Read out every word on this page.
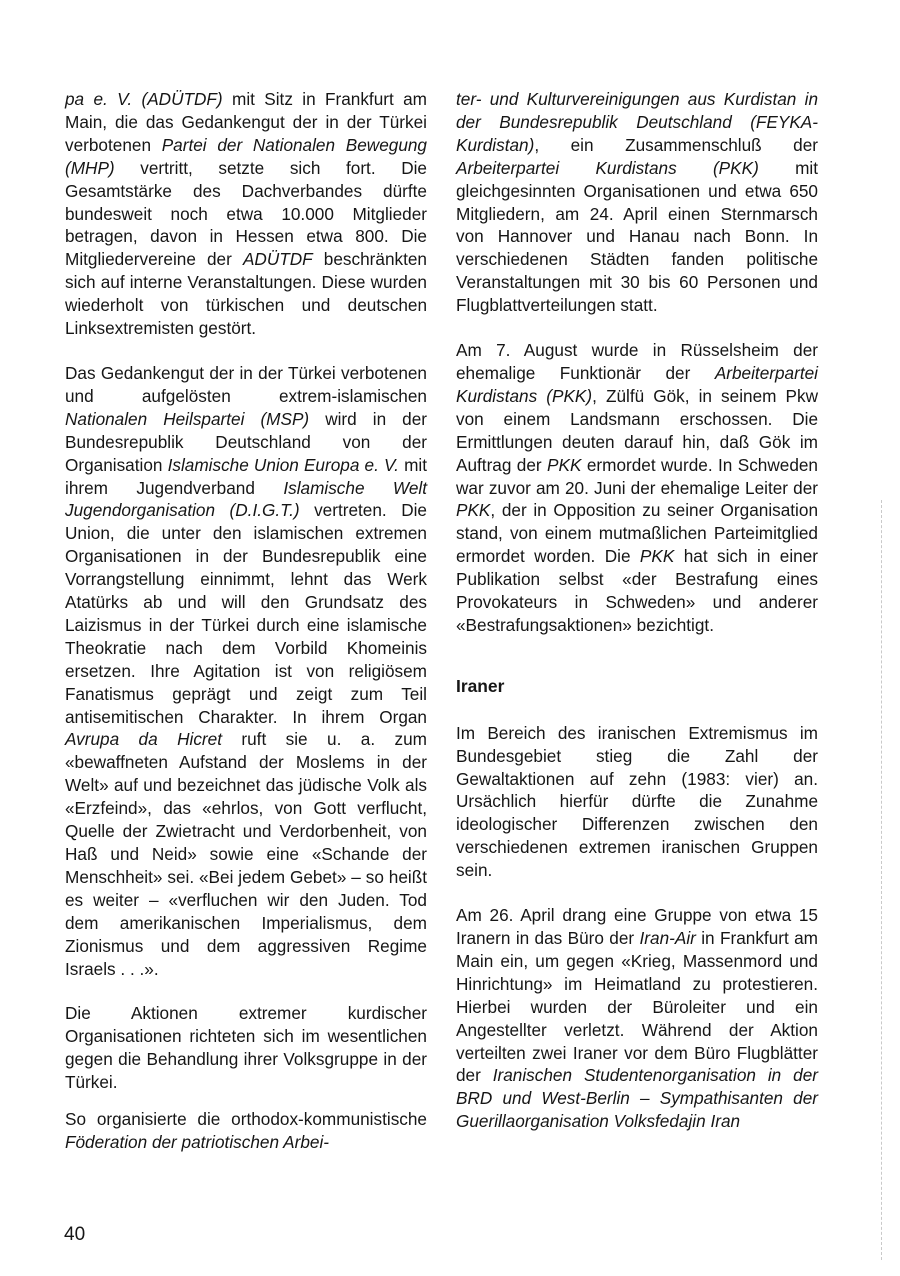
pa e. V. (ADÜTDF) mit Sitz in Frankfurt am Main, die das Gedankengut der in der Türkei verbotenen Partei der Nationalen Bewegung (MHP) vertritt, setzte sich fort. Die Gesamtstärke des Dachverbandes dürfte bundesweit noch etwa 10.000 Mitglieder betragen, davon in Hessen etwa 800. Die Mitgliedervereine der ADÜTDF beschränkten sich auf interne Veranstaltungen. Diese wurden wiederholt von türkischen und deutschen Linksextremisten gestört.

Das Gedankengut der in der Türkei verbotenen und aufgelösten extrem-islamischen Nationalen Heilspartei (MSP) wird in der Bundesrepublik Deutschland von der Organisation Islamische Union Europa e. V. mit ihrem Jugendverband Islamische Welt Jugendorganisation (D.I.G.T.) vertreten. Die Union, die unter den islamischen extremen Organisationen in der Bundesrepublik eine Vorrangstellung einnimmt, lehnt das Werk Atatürks ab und will den Grundsatz des Laizismus in der Türkei durch eine islamische Theokratie nach dem Vorbild Khomeinis ersetzen. Ihre Agitation ist von religiösem Fanatismus geprägt und zeigt zum Teil antisemitischen Charakter. In ihrem Organ Avrupa da Hicret ruft sie u. a. zum «bewaffneten Aufstand der Moslems in der Welt» auf und bezeichnet das jüdische Volk als «Erzfeind», das «ehrlos, von Gott verflucht, Quelle der Zwietracht und Verdorbenheit, von Haß und Neid» sowie eine «Schande der Menschheit» sei. «Bei jedem Gebet» – so heißt es weiter – «verfluchen wir den Juden. Tod dem amerikanischen Imperialismus, dem Zionismus und dem aggressiven Regime Israels . . .».

Die Aktionen extremer kurdischer Organisationen richteten sich im wesentlichen gegen die Behandlung ihrer Volksgruppe in der Türkei.

So organisierte die orthodox-kommunistische Föderation der patriotischen Arbei-

ter- und Kulturvereinigungen aus Kurdistan in der Bundesrepublik Deutschland (FEYKA-Kurdistan), ein Zusammenschluß der Arbeiterpartei Kurdistans (PKK) mit gleichgesinnten Organisationen und etwa 650 Mitgliedern, am 24. April einen Sternmarsch von Hannover und Hanau nach Bonn. In verschiedenen Städten fanden politische Veranstaltungen mit 30 bis 60 Personen und Flugblattverteilungen statt.

Am 7. August wurde in Rüsselsheim der ehemalige Funktionär der Arbeiterpartei Kurdistans (PKK), Zülfü Gök, in seinem Pkw von einem Landsmann erschossen. Die Ermittlungen deuten darauf hin, daß Gök im Auftrag der PKK ermordet wurde. In Schweden war zuvor am 20. Juni der ehemalige Leiter der PKK, der in Opposition zu seiner Organisation stand, von einem mutmaßlichen Parteimitglied ermordet worden. Die PKK hat sich in einer Publikation selbst «der Bestrafung eines Provokateurs in Schweden» und anderer «Bestrafungsaktionen» bezichtigt.

Iraner

Im Bereich des iranischen Extremismus im Bundesgebiet stieg die Zahl der Gewaltaktionen auf zehn (1983: vier) an. Ursächlich hierfür dürfte die Zunahme ideologischer Differenzen zwischen den verschiedenen extremen iranischen Gruppen sein.

Am 26. April drang eine Gruppe von etwa 15 Iranern in das Büro der Iran-Air in Frankfurt am Main ein, um gegen «Krieg, Massenmord und Hinrichtung» im Heimatland zu protestieren. Hierbei wurden der Büroleiter und ein Angestellter verletzt. Während der Aktion verteilten zwei Iraner vor dem Büro Flugblätter der Iranischen Studentenorganisation in der BRD und West-Berlin – Sympathisanten der Guerillaorganisation Volksfedajin Iran

40
